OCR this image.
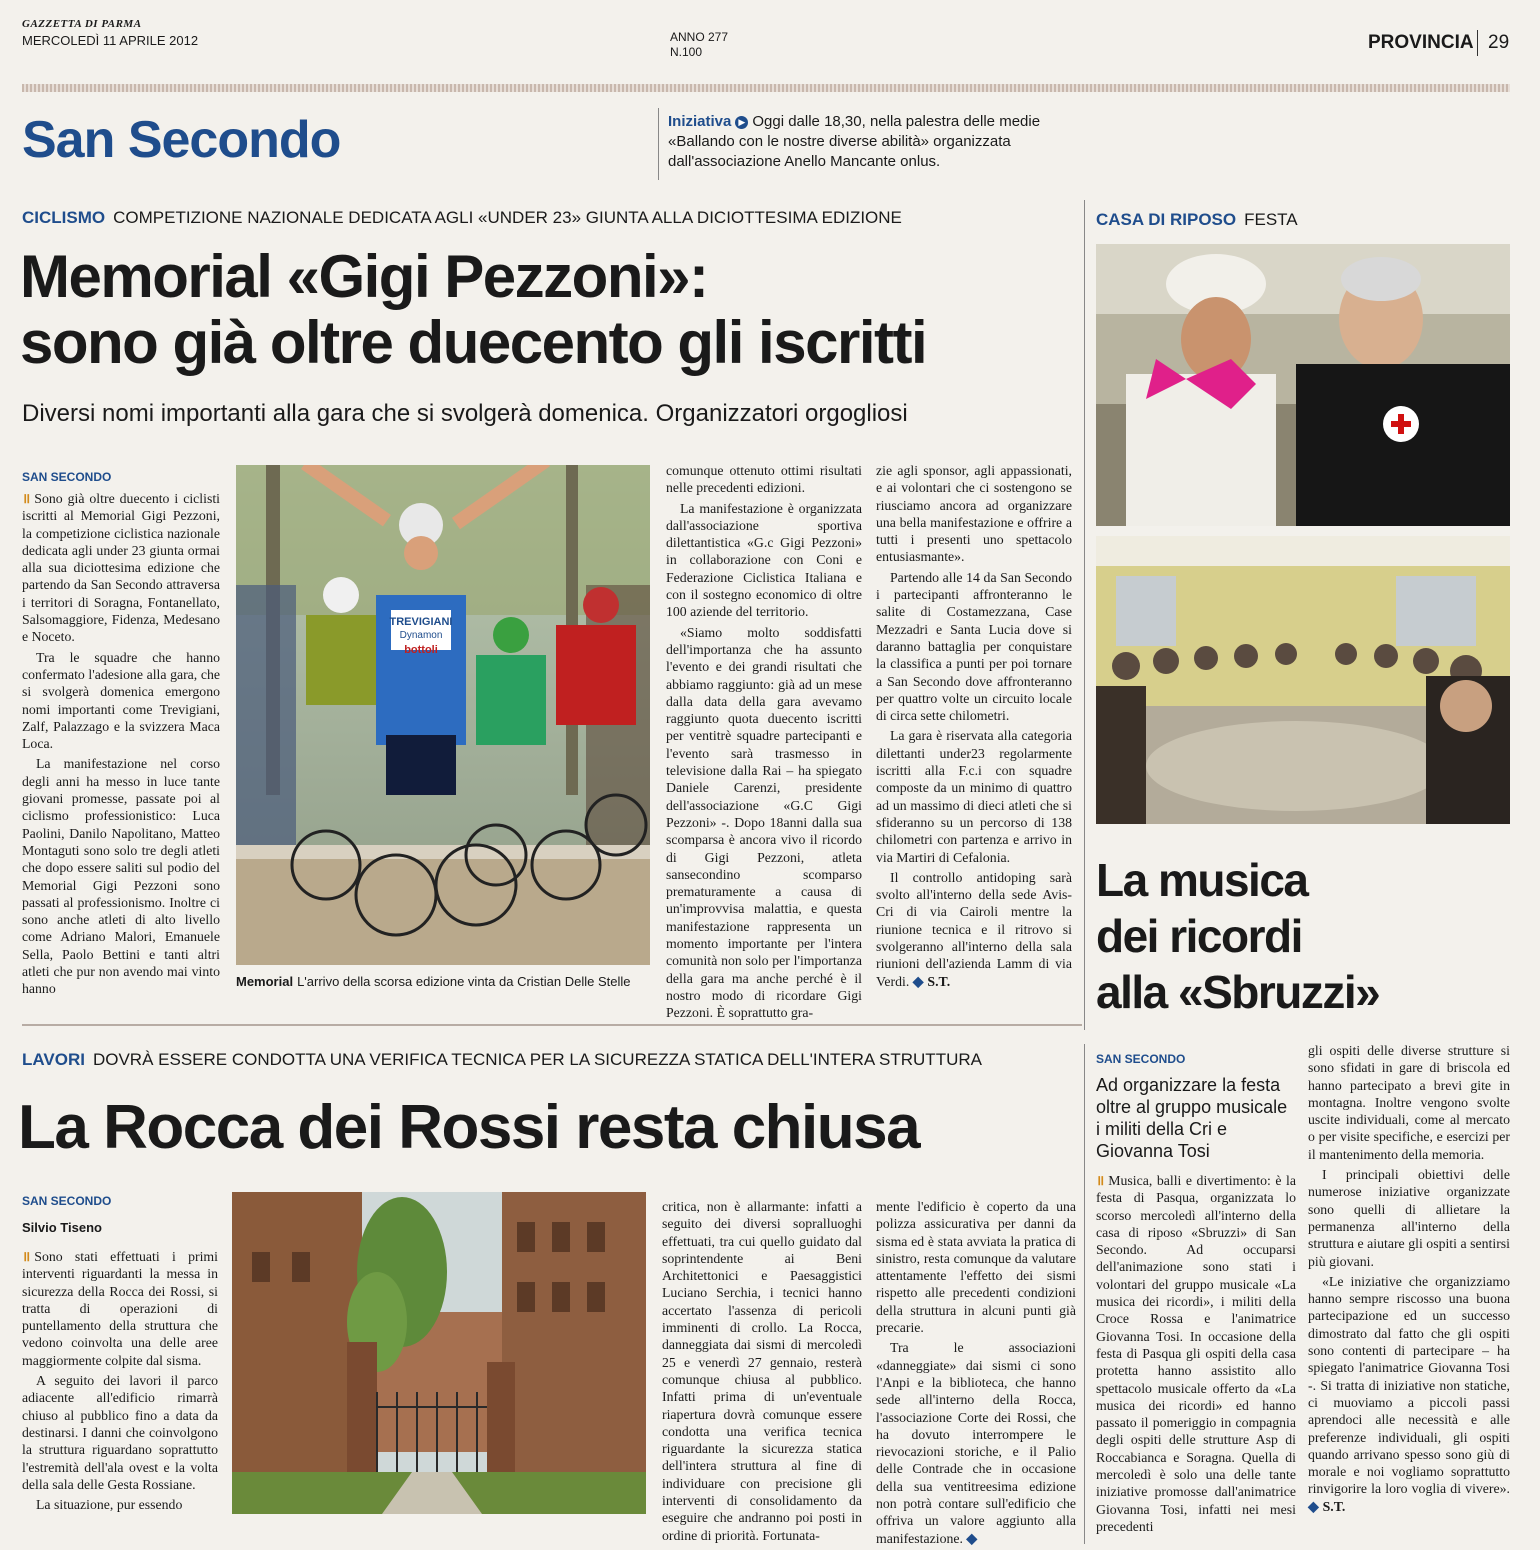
GAZZETTA DI PARMA
MERCOLEDÌ 11 APRILE 2012	ANNO 277
N.100	PROVINCIA 29
San Secondo	Iniziativa ▶ Oggi dalle 18,30, nella palestra delle medie «Ballando con le nostre diverse abilità» organizzata dall'associazione Anello Mancante onlus.
CICLISMO COMPETIZIONE NAZIONALE DEDICATA AGLI «UNDER 23» GIUNTA ALLA DICIOTTESIMA EDIZIONE
Memorial «Gigi Pezzoni»:
sono già oltre duecento gli iscritti
Diversi nomi importanti alla gara che si svolgerà domenica. Organizzatori orgogliosi
SAN SECONDO

॥ Sono già oltre duecento i ciclisti iscritti al Memorial Gigi Pezzoni, la competizione ciclistica nazionale dedicata agli under 23 giunta ormai alla sua diciottesima edizione che partendo da San Secondo attraversa i territori di Soragna, Fontanellato, Salsomaggiore, Fidenza, Medesano e Noceto.

Tra le squadre che hanno confermato l'adesione alla gara, che si svolgerà domenica emergono nomi importanti come Trevigiani, Zalf, Palazzago e la svizzera Maca Loca.

La manifestazione nel corso degli anni ha messo in luce tante giovani promesse, passate poi al ciclismo professionistico: Luca Paolini, Danilo Napolitano, Matteo Montaguti sono solo tre degli atleti che dopo essere saliti sul podio del Memorial Gigi Pezzoni sono passati al professionismo. Inoltre ci sono anche atleti di alto livello come Adriano Malori, Emanuele Sella, Paolo Bettini e tanti altri atleti che pur non avendo mai vinto hanno

TREVIGIANI
Dynamon
bottoli
Memorial L'arrivo della scorsa edizione vinta da Cristian Delle Stelle

comunque ottenuto ottimi risultati nelle precedenti edizioni.

La manifestazione è organizzata dall'associazione sportiva dilettantistica «G.c Gigi Pezzoni» in collaborazione con Coni e Federazione Ciclistica Italiana e con il sostegno economico di oltre 100 aziende del territorio.

«Siamo molto soddisfatti dell'importanza che ha assunto l'evento e dei grandi risultati che abbiamo raggiunto: già ad un mese dalla data della gara avevamo raggiunto quota duecento iscritti per ventitrè squadre partecipanti e l'evento sarà trasmesso in televisione dalla Rai – ha spiegato Daniele Carenzi, presidente dell'associazione «G.C Gigi Pezzoni» -. Dopo 18anni dalla sua scomparsa è ancora vivo il ricordo di Gigi Pezzoni, atleta sansecondino scomparso prematuramente a causa di un'improvvisa malattia, e questa manifestazione rappresenta un momento importante per l'intera comunità non solo per l'importanza della gara ma anche perché è il nostro modo di ricordare Gigi Pezzoni. È soprattutto gra-

zie agli sponsor, agli appassionati, e ai volontari che ci sostengono se riusciamo ancora ad organizzare una bella manifestazione e offrire a tutti i presenti uno spettacolo entusiasmante».

Partendo alle 14 da San Secondo i partecipanti affronteranno le salite di Costamezzana, Case Mezzadri e Santa Lucia dove si daranno battaglia per conquistare la classifica a punti per poi tornare a San Secondo dove affronteranno per quattro volte un circuito locale di circa sette chilometri.

La gara è riservata alla categoria dilettanti under23 regolarmente iscritti alla F.c.i con squadre composte da un minimo di quattro ad un massimo di dieci atleti che si sfideranno su un percorso di 138 chilometri con partenza e arrivo in via Martiri di Cefalonia.

Il controllo antidoping sarà svolto all'interno della sede Avis-Cri di via Cairoli mentre la riunione tecnica e il ritrovo si svolgeranno all'interno della sala riunioni dell'azienda Lamm di via Verdi. ◆ S.T.

CASA DI RIPOSO FESTA
La musica
dei ricordi
alla «Sbruzzi»
SAN SECONDO
Ad organizzare la festa oltre al gruppo musicale i militi della Cri e Giovanna Tosi

॥ Musica, balli e divertimento: è la festa di Pasqua, organizzata lo scorso mercoledì all'interno della casa di riposo «Sbruzzi» di San Secondo. Ad occuparsi dell'animazione sono stati i volontari del gruppo musicale «La musica dei ricordi», i militi della Croce Rossa e l'animatrice Giovanna Tosi. In occasione della festa di Pasqua gli ospiti della casa protetta hanno assistito allo spettacolo musicale offerto da «La musica dei ricordi» ed hanno passato il pomeriggio in compagnia degli ospiti delle strutture Asp di Roccabianca e Soragna. Quella di mercoledì è solo una delle tante iniziative promosse dall'animatrice Giovanna Tosi, infatti nei mesi precedenti

gli ospiti delle diverse strutture si sono sfidati in gare di briscola ed hanno partecipato a brevi gite in montagna. Inoltre vengono svolte uscite individuali, come al mercato o per visite specifiche, e esercizi per il mantenimento della memoria.

I principali obiettivi delle numerose iniziative organizzate sono quelli di allietare la permanenza all'interno della struttura e aiutare gli ospiti a sentirsi più giovani.

«Le iniziative che organizziamo hanno sempre riscosso una buona partecipazione ed un successo dimostrato dal fatto che gli ospiti sono contenti di partecipare – ha spiegato l'animatrice Giovanna Tosi -. Si tratta di iniziative non statiche, ci muoviamo a piccoli passi aprendoci alle necessità e alle preferenze individuali, gli ospiti quando arrivano spesso sono giù di morale e noi vogliamo soprattutto rinvigorire la loro voglia di vivere». ◆ S.T.

LAVORI DOVRÀ ESSERE CONDOTTA UNA VERIFICA TECNICA PER LA SICUREZZA STATICA DELL'INTERA STRUTTURA
La Rocca dei Rossi resta chiusa
SAN SECONDO
Silvio Tiseno

॥ Sono stati effettuati i primi interventi riguardanti la messa in sicurezza della Rocca dei Rossi, si tratta di operazioni di puntellamento della struttura che vedono coinvolta una delle aree maggiormente colpite dal sisma.

A seguito dei lavori il parco adiacente all'edificio rimarrà chiuso al pubblico fino a data da destinarsi. I danni che coinvolgono la struttura riguardano soprattutto l'estremità dell'ala ovest e la volta della sala delle Gesta Rossiane.

La situazione, pur essendo

critica, non è allarmante: infatti a seguito dei diversi sopralluoghi effettuati, tra cui quello guidato dal soprintendente ai Beni Architettonici e Paesaggistici Luciano Serchia, i tecnici hanno accertato l'assenza di pericoli imminenti di crollo. La Rocca, danneggiata dai sismi di mercoledì 25 e venerdì 27 gennaio, resterà comunque chiusa al pubblico. Infatti prima di un'eventuale riapertura dovrà comunque essere condotta una verifica tecnica riguardante la sicurezza statica dell'intera struttura al fine di individuare con precisione gli interventi di consolidamento da eseguire che andranno poi posti in ordine di priorità. Fortunata-

mente l'edificio è coperto da una polizza assicurativa per danni da sisma ed è stata avviata la pratica di sinistro, resta comunque da valutare attentamente l'effetto dei sismi rispetto alle precedenti condizioni della struttura in alcuni punti già precarie.

Tra le associazioni «danneggiate» dai sismi ci sono l'Anpi e la biblioteca, che hanno sede all'interno della Rocca, l'associazione Corte dei Rossi, che ha dovuto interrompere le rievocazioni storiche, e il Palio delle Contrade che in occasione della sua ventitreesima edizione non potrà contare sull'edificio che offriva un valore aggiunto alla manifestazione. ◆
